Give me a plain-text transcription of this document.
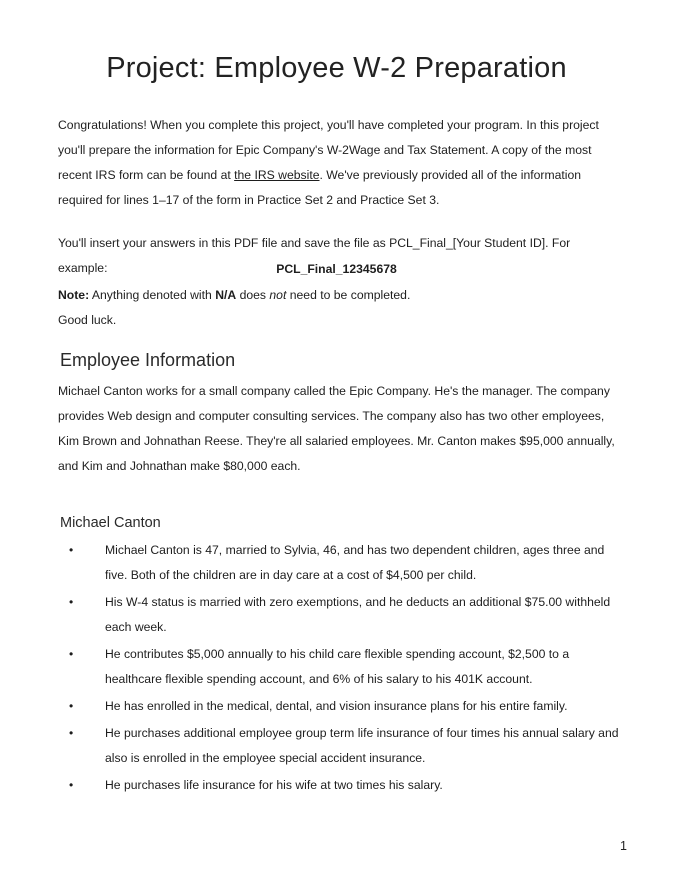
Project: Employee W-2 Preparation

Congratulations! When you complete this project, you'll have completed your program. In this project you'll prepare the information for Epic Company's W-2Wage and Tax Statement. A copy of the most recent IRS form can be found at the IRS website. We've previously provided all of the information required for lines 1–17 of the form in Practice Set 2 and Practice Set 3.

You'll insert your answers in this PDF file and save the file as PCL_Final_[Your Student ID]. For example:	PCL_Final_12345678

Note: Anything denoted with N/A does not need to be completed.

Good luck.

Employee Information
Michael Canton works for a small company called the Epic Company. He's the manager. The company provides Web design and computer consulting services. The company also has two other employees, Kim Brown and Johnathan Reese. They're all salaried employees. Mr. Canton makes $95,000 annually, and Kim and Johnathan make $80,000 each.
Michael Canton
•	Michael Canton is 47, married to Sylvia, 46, and has two dependent children, ages three and five. Both of the children are in day care at a cost of $4,500 per child.
•	His W-4 status is married with zero exemptions, and he deducts an additional $75.00 withheld each week.
•	He contributes $5,000 annually to his child care flexible spending account, $2,500 to a healthcare flexible spending account, and 6% of his salary to his 401K account.
•	He has enrolled in the medical, dental, and vision insurance plans for his entire family.
•	He purchases additional employee group term life insurance of four times his annual salary and also is enrolled in the employee special accident insurance.
•	He purchases life insurance for his wife at two times his salary.
1
